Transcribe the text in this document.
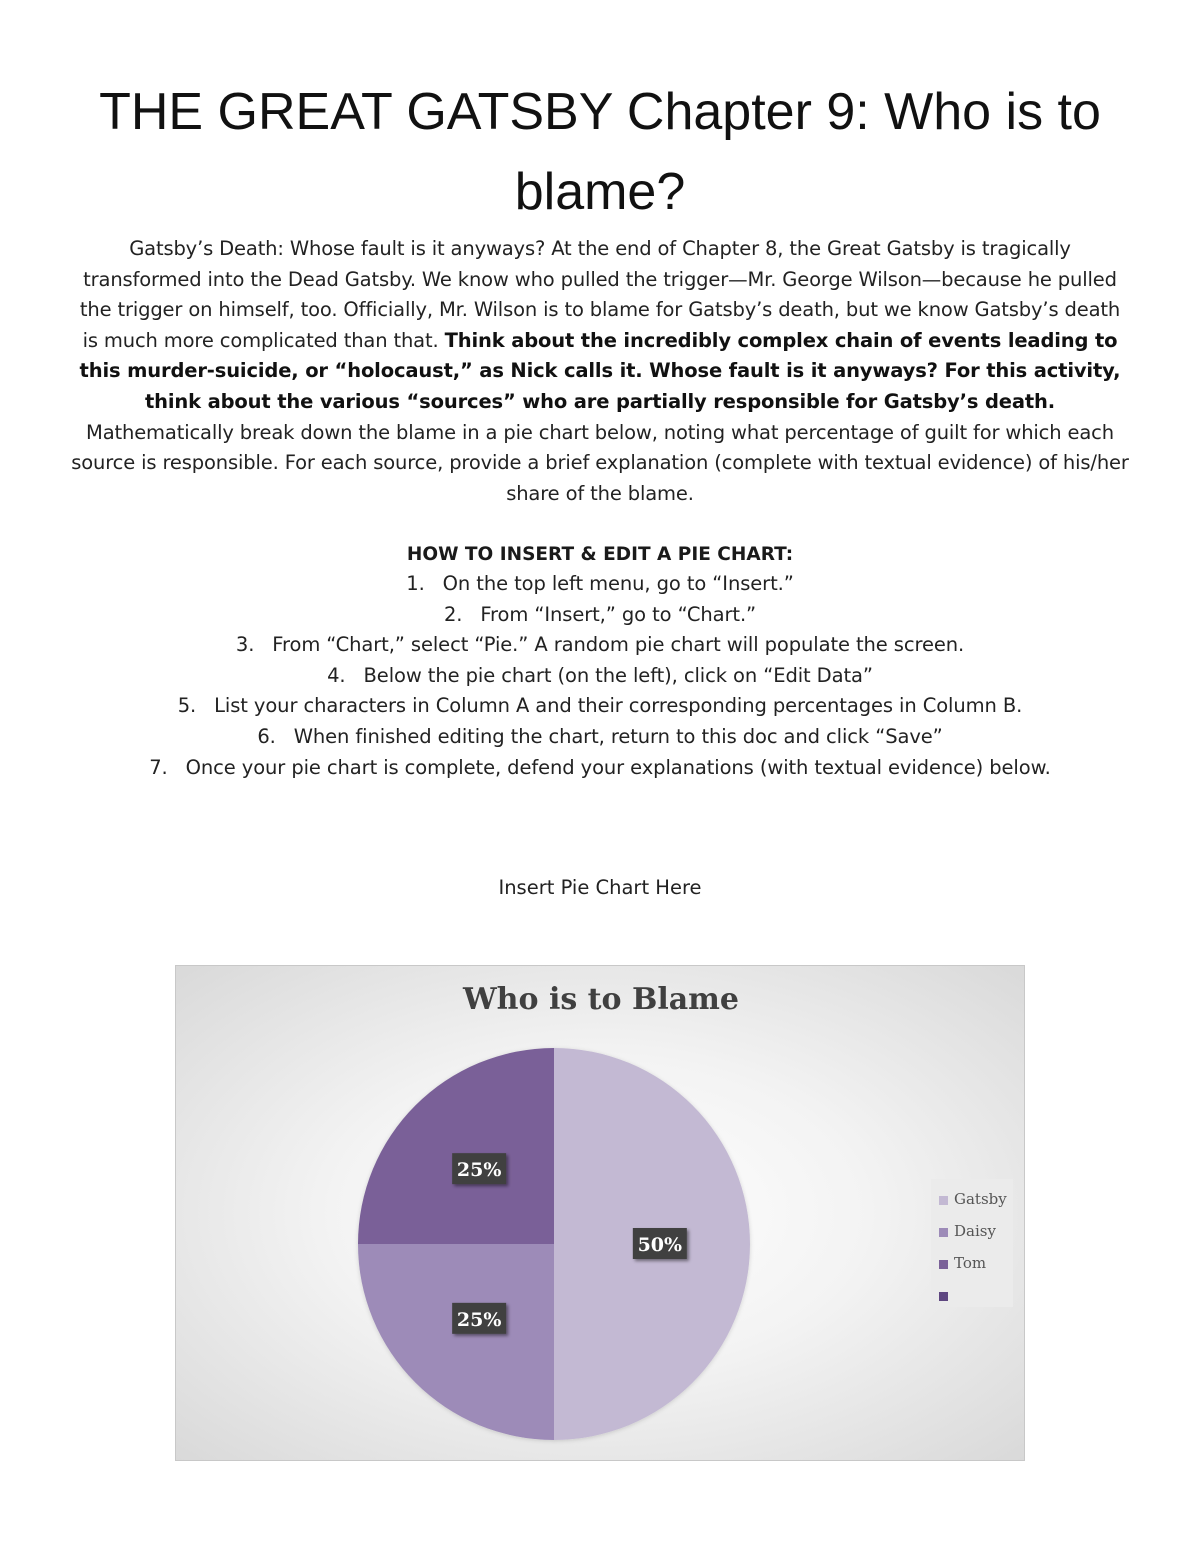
THE GREAT GATSBY Chapter 9: Who is to blame?

Gatsby’s Death: Whose fault is it anyways? At the end of Chapter 8, the Great Gatsby is tragically transformed into the Dead Gatsby. We know who pulled the trigger—Mr. George Wilson—because he pulled the trigger on himself, too. Officially, Mr. Wilson is to blame for Gatsby’s death, but we know Gatsby’s death is much more complicated than that. Think about the incredibly complex chain of events leading to this murder-suicide, or “holocaust,” as Nick calls it. Whose fault is it anyways? For this activity, think about the various “sources” who are partially responsible for Gatsby’s death. Mathematically break down the blame in a pie chart below, noting what percentage of guilt for which each source is responsible. For each source, provide a brief explanation (complete with textual evidence) of his/her share of the blame.

HOW TO INSERT & EDIT A PIE CHART:

1. On the top left menu, go to “Insert.”
2. From “Insert,” go to “Chart.”
3. From “Chart,” select “Pie.” A random pie chart will populate the screen.
4. Below the pie chart (on the left), click on “Edit Data”
5. List your characters in Column A and their corresponding percentages in Column B.
6. When finished editing the chart, return to this doc and click “Save”
7. Once your pie chart is complete, defend your explanations (with textual evidence) below.

Insert Pie Chart Here

50%
25%
25%

Who is to Blame

Gatsby
Daisy
Tom
